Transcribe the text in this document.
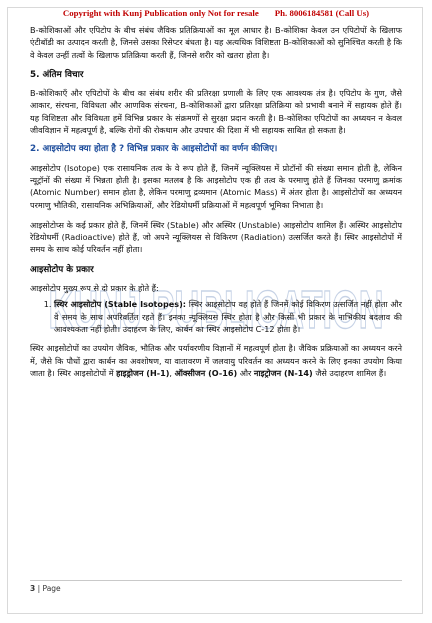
Copyright with Kunj Publication only Not for resale Ph. 8006184581 (Call Us)
KUNJ PUBLICATION

B-कोशिकाओं और एपिटोप के बीच संबंध जैविक प्रतिक्रियाओं का मूल आधार है। B-कोशिका केवल उन एपिटोपों के खिलाफ एंटीबॉडी का उत्पादन करती है, जिनसे उसका रिसेप्टर बंधता है। यह अत्यधिक विशिष्टता B-कोशिकाओं को सुनिश्चित करती है कि वे केवल उन्हीं तत्वों के खिलाफ प्रतिक्रिया करती हैं, जिनसे शरीर को खतरा होता है।

5. अंतिम विचार

B-कोशिकाएँ और एपिटोपों के बीच का संबंध शरीर की प्रतिरक्षा प्रणाली के लिए एक आवश्यक तंत्र है। एपिटोप के गुण, जैसे आकार, संरचना, विविधता और आणविक संरचना, B-कोशिकाओं द्वारा प्रतिरक्षा प्रतिक्रिया को प्रभावी बनाने में सहायक होते हैं। यह विशिष्टता और विविधता हमें विभिन्न प्रकार के संक्रमणों से सुरक्षा प्रदान करती है। B-कोशिका एपिटोपों का अध्ययन न केवल जीवविज्ञान में महत्वपूर्ण है, बल्कि रोगों की रोकथाम और उपचार की दिशा में भी सहायक साबित हो सकता है।

2. आइसोटोप क्या होता है ? विभिन्न प्रकार के आइसोटोपों का वर्णन कीजिए।

आइसोटोप (Isotope) एक रासायनिक तत्व के वे रूप होते हैं, जिनमें न्यूक्लियस में प्रोटॉनों की संख्या समान होती है, लेकिन न्यूट्रॉनों की संख्या में भिन्नता होती है। इसका मतलब है कि आइसोटोप एक ही तत्व के परमाणु होते हैं जिनका परमाणु क्रमांक (Atomic Number) समान होता है, लेकिन परमाणु द्रव्यमान (Atomic Mass) में अंतर होता है। आइसोटोपों का अध्ययन परमाणु भौतिकी, रासायनिक अभिक्रियाओं, और रेडियोधर्मी प्रक्रियाओं में महत्वपूर्ण भूमिका निभाता है।

आइसोटोप्स के कई प्रकार होते हैं, जिनमें स्थिर (Stable) और अस्थिर (Unstable) आइसोटोप शामिल हैं। अस्थिर आइसोटोप रेडियोधर्मी (Radioactive) होते हैं, जो अपने न्यूक्लियस से विकिरण (Radiation) उत्सर्जित करते हैं। स्थिर आइसोटोपों में समय के साथ कोई परिवर्तन नहीं होता।

आइसोटोप के प्रकार

आइसोटोप मुख्य रूप से दो प्रकार के होते हैं:

1. स्थिर आइसोटोप (Stable Isotopes): स्थिर आइसोटोप वह होते हैं जिनमें कोई विकिरण उत्सर्जित नहीं होता और वे समय के साथ अपरिवर्तित रहते हैं। इनका न्यूक्लियस स्थिर होता है और किसी भी प्रकार के नाभिकीय बदलाव की आवश्यकता नहीं होती। उदाहरण के लिए, कार्बन का स्थिर आइसोटोप C-12 होता है।

स्थिर आइसोटोपों का उपयोग जैविक, भौतिक और पर्यावरणीय विज्ञानों में महत्वपूर्ण होता है। जैविक प्रक्रियाओं का अध्ययन करने में, जैसे कि पौधों द्वारा कार्बन का अवशोषण, या वातावरण में जलवायु परिवर्तन का अध्ययन करने के लिए इनका उपयोग किया जाता है। स्थिर आइसोटोपों में हाइड्रोजन (H-1), ऑक्सीजन (O-16) और नाइट्रोजन (N-14) जैसे उदाहरण शामिल हैं।

3 | Page
